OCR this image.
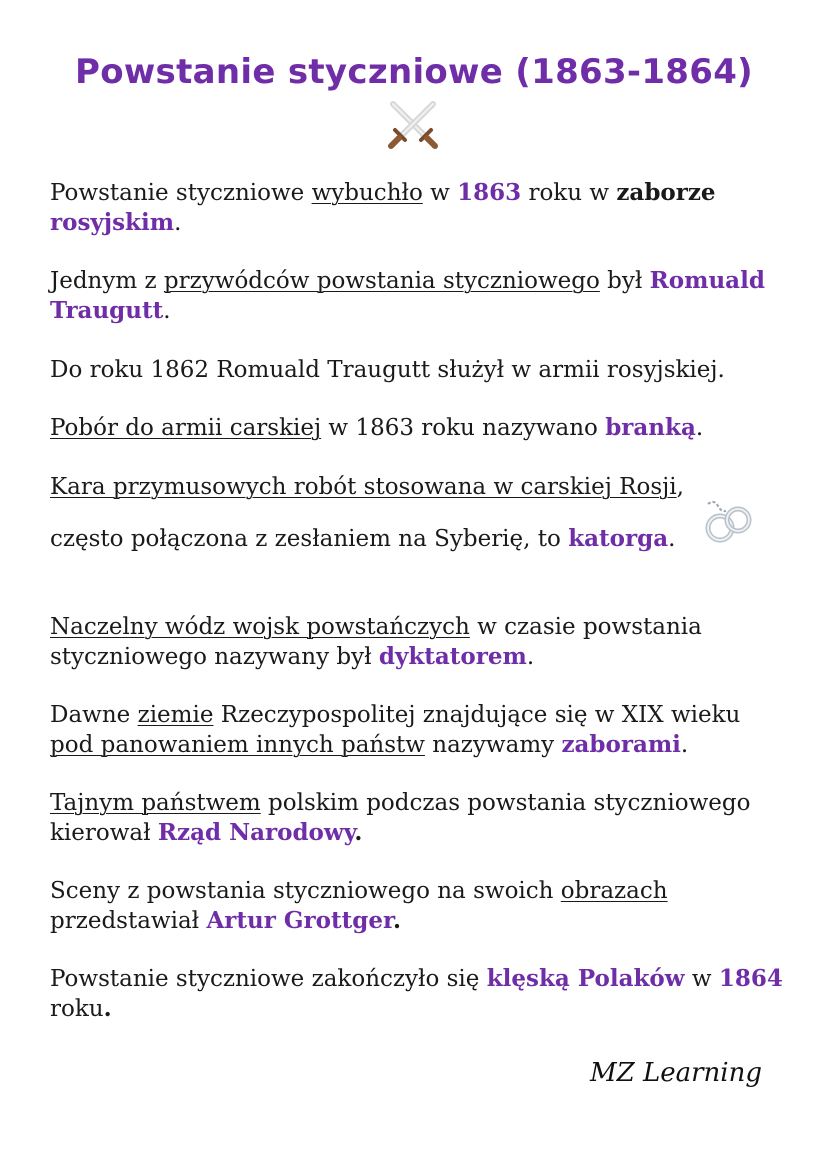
Powstanie styczniowe (1863-1864)

Powstanie styczniowe wybuchło w 1863 roku w zaborze rosyjskim.

Jednym z przywódców powstania styczniowego był Romuald Traugutt.

Do roku 1862 Romuald Traugutt służył w armii rosyjskiej.

Pobór do armii carskiej w 1863 roku nazywano branką.

Kara przymusowych robót stosowana w carskiej Rosji,

często połączona z zesłaniem na Syberię, to katorga.

Naczelny wódz wojsk powstańczych w czasie powstania styczniowego nazywany był dyktatorem.

Dawne ziemie Rzeczypospolitej znajdujące się w XIX wieku pod panowaniem innych państw nazywamy zaborami.

Tajnym państwem polskim podczas powstania styczniowego kierował Rząd Narodowy.

Sceny z powstania styczniowego na swoich obrazach przedstawiał Artur Grottger.

Powstanie styczniowe zakończyło się klęską Polaków w 1864 roku.

MZ Learning
